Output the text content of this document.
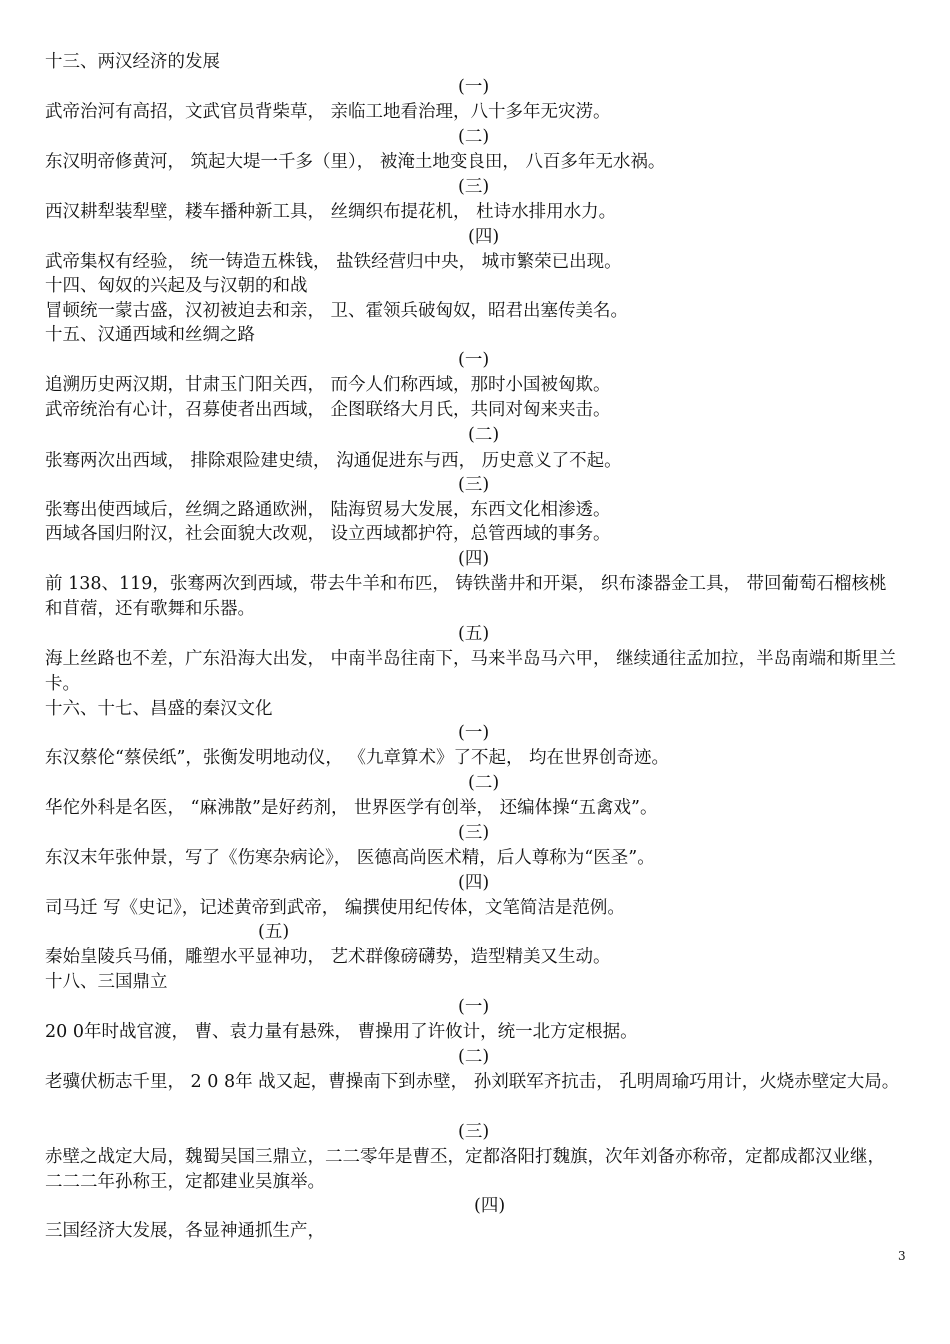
十三、两汉经济的发展
(一)
武帝治河有高招，文武官员背柴草， 亲临工地看治理，八十多年无灾涝。
(二)
东汉明帝修黄河， 筑起大堤一千多（里）， 被淹土地变良田， 八百多年无水祸。
(三)
西汉耕犁装犁壁，耧车播种新工具， 丝绸织布提花机， 杜诗水排用水力。
(四)
武帝集权有经验， 统一铸造五株钱， 盐铁经营归中央， 城市繁荣已出现。
十四、匈奴的兴起及与汉朝的和战
冒顿统一蒙古盛，汉初被迫去和亲， 卫、霍领兵破匈奴，昭君出塞传美名。
十五、汉通西域和丝绸之路
(一)
追溯历史两汉期，甘肃玉门阳关西， 而今人们称西域，那时小国被匈欺。
武帝统治有心计，召募使者出西域， 企图联络大月氏，共同对匈来夹击。
(二)
张骞两次出西域， 排除艰险建史绩， 沟通促进东与西， 历史意义了不起。
(三)
张骞出使西域后，丝绸之路通欧洲， 陆海贸易大发展，东西文化相渗透。
西域各国归附汉，社会面貌大改观， 设立西域都护符，总管西域的事务。
(四)
前 138、119，张骞两次到西域，带去牛羊和布匹， 铸铁凿井和开渠， 织布漆器金工具， 带回葡萄石榴核桃和苜蓿，还有歌舞和乐器。
(五)
海上丝路也不差，广东沿海大出发， 中南半岛往南下，马来半岛马六甲， 继续通往孟加拉，半岛南端和斯里兰卡。
十六、十七、昌盛的秦汉文化
(一)
东汉蔡伦“蔡侯纸”，张衡发明地动仪， 《九章算术》了不起， 均在世界创奇迹。
(二)
华佗外科是名医， “麻沸散”是好药剂， 世界医学有创举， 还编体操“五禽戏”。
(三)
东汉末年张仲景，写了《伤寒杂病论》， 医德高尚医术精，后人尊称为“医圣”。
(四)
司马迁 写《史记》，记述黄帝到武帝， 编撰使用纪传体，文笔简洁是范例。
(五)
秦始皇陵兵马俑，雕塑水平显神功， 艺术群像磅礴势，造型精美又生动。
十八、三国鼎立
(一)
20 0年时战官渡， 曹、袁力量有悬殊， 曹操用了许攸计，统一北方定根据。
(二)
老骥伏枥志千里， 2 0 8年 战又起，曹操南下到赤壁， 孙刘联军齐抗击， 孔明周瑜巧用计，火烧赤壁定大局。
(三)
赤壁之战定大局，魏蜀吴国三鼎立，二二零年是曹丕，定都洛阳打魏旗，次年刘备亦称帝，定都成都汉业继，二二二年孙称王，定都建业吴旗举。
(四)
三国经济大发展，各显神通抓生产，
3
